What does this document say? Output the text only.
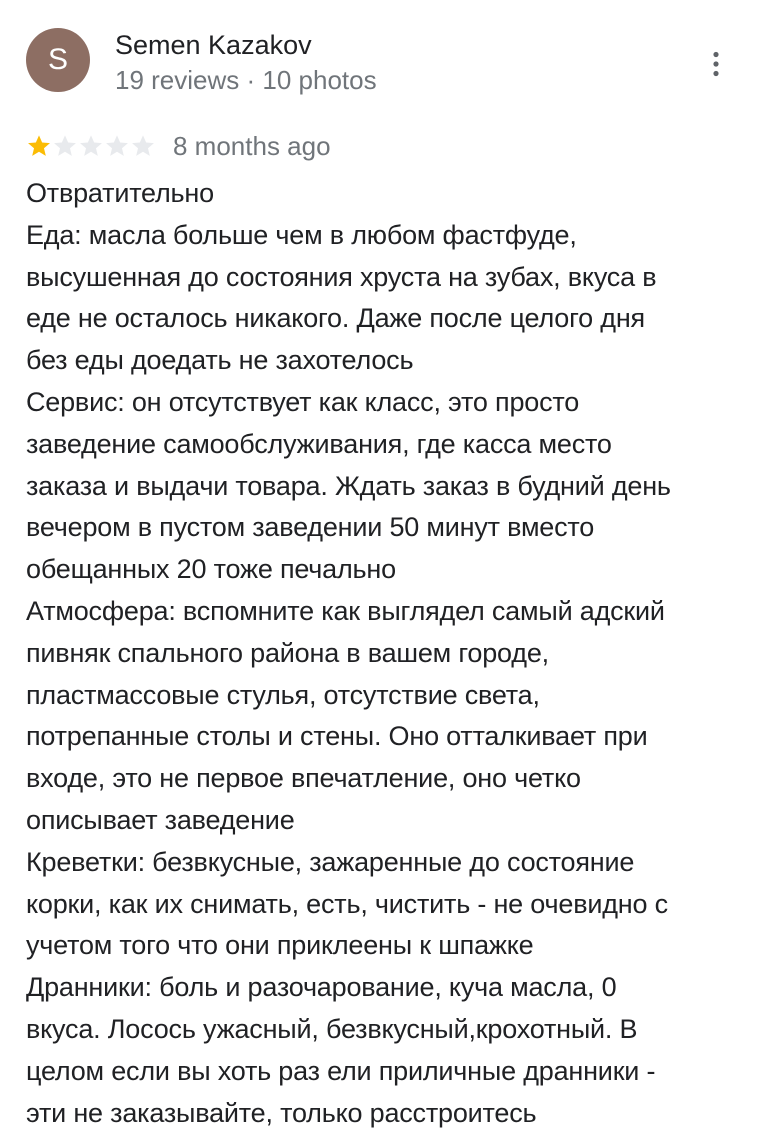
S Semen Kazakov
19 reviews · 10 photos
8 months ago
Отвратительно
Еда: масла больше чем в любом фастфуде,
высушенная до состояния хруста на зубах, вкуса в
еде не осталось никакого. Даже после целого дня
без еды доедать не захотелось
Сервис: он отсутствует как класс, это просто
заведение самообслуживания, где касса место
заказа и выдачи товара. Ждать заказ в будний день
вечером в пустом заведении 50 минут вместо
обещанных 20 тоже печально
Атмосфера: вспомните как выглядел самый адский
пивняк спального района в вашем городе,
пластмассовые стулья, отсутствие света,
потрепанные столы и стены. Оно отталкивает при
входе, это не первое впечатление, оно четко
описывает заведение
Креветки: безвкусные, зажаренные до состояние
корки, как их снимать, есть, чистить - не очевидно с
учетом того что они приклеены к шпажке
Дранники: боль и разочарование, куча масла, 0
вкуса. Лосось ужасный, безвкусный,крохотный. В
целом если вы хоть раз ели приличные дранники -
эти не заказывайте, только расстроитесь
